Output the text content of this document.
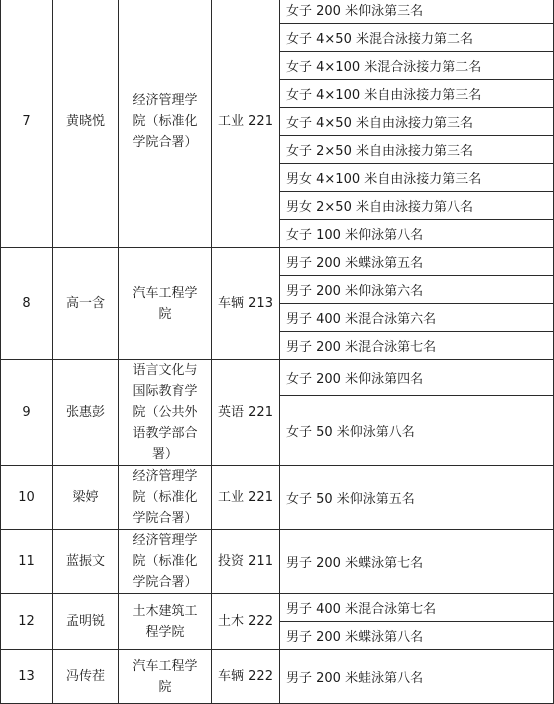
7	黄晓悦	经济管理学院（标准化学院合署）	工业 221	女子 200 米仰泳第三名
				女子 4×50 米混合泳接力第二名
				女子 4×100 米混合泳接力第二名
				女子 4×100 米自由泳接力第三名
				女子 4×50 米自由泳接力第三名
				女子 2×50 米自由泳接力第三名
				男女 4×100 米自由泳接力第三名
				男女 2×50 米自由泳接力第八名
				女子 100 米仰泳第八名
8	高一含	汽车工程学院	车辆 213	男子 200 米蝶泳第五名
				男子 200 米仰泳第六名
				男子 400 米混合泳第六名
				男子 200 米混合泳第七名
9	张惠彭	语言文化与国际教育学院（公共外语教学部合署）	英语 221	女子 200 米仰泳第四名
				女子 50 米仰泳第八名
10	梁婷	经济管理学院（标准化学院合署）	工业 221	女子 50 米仰泳第五名
11	蓝振文	经济管理学院（标准化学院合署）	投资 211	男子 200 米蝶泳第七名
12	孟明锐	土木建筑工程学院	土木 222	男子 400 米混合泳第七名
				男子 200 米蝶泳第八名
13	冯传茬	汽车工程学院	车辆 222	男子 200 米蛙泳第八名
